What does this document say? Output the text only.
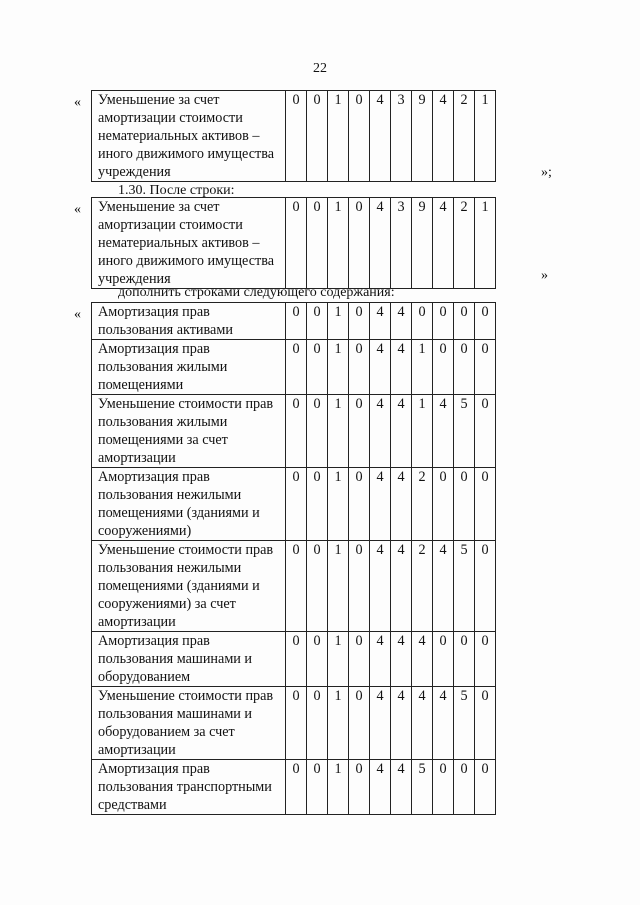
22
« Уменьшение за счет амортизации стоимости нематериальных активов – иного движимого имущества учреждения	0	0	1	0	4	3	9	4	2	1
»;
1.30. После строки:
« Уменьшение за счет амортизации стоимости нематериальных активов – иного движимого имущества учреждения	0	0	1	0	4	3	9	4	2	1
»
дополнить строками следующего содержания:
« Амортизация прав пользования активами	0	0	1	0	4	4	0	0	0	0
Амортизация прав пользования жилыми помещениями	0	0	1	0	4	4	1	0	0	0
Уменьшение стоимости прав пользования жилыми помещениями за счет амортизации	0	0	1	0	4	4	1	4	5	0
Амортизация прав пользования нежилыми помещениями (зданиями и сооружениями)	0	0	1	0	4	4	2	0	0	0
Уменьшение стоимости прав пользования нежилыми помещениями (зданиями и сооружениями) за счет амортизации	0	0	1	0	4	4	2	4	5	0
Амортизация прав пользования машинами и оборудованием	0	0	1	0	4	4	4	0	0	0
Уменьшение стоимости прав пользования машинами и оборудованием за счет амортизации	0	0	1	0	4	4	4	4	5	0
Амортизация прав пользования транспортными средствами	0	0	1	0	4	4	5	0	0	0
